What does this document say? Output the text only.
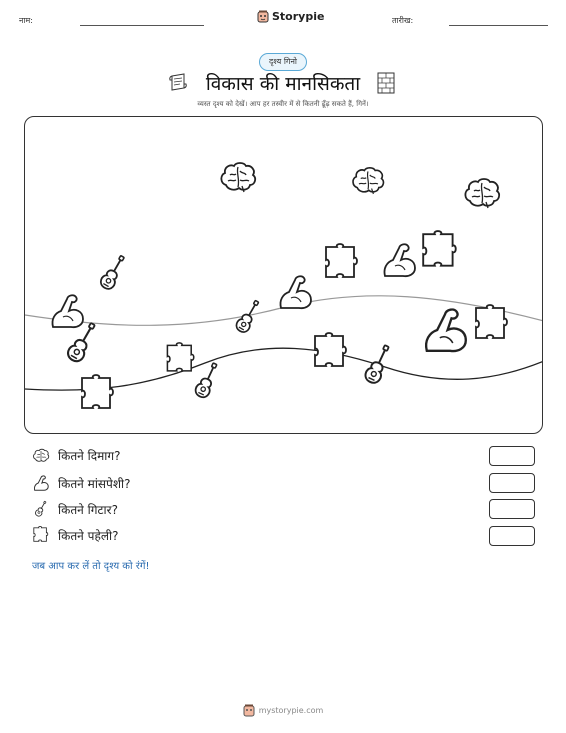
नाम:	Storypie	तारीख:
दृश्य गिनो
विकास की मानसिकता
व्यस्त दृश्य को देखें। आप हर तस्वीर में से कितनी ढूँढ़ सकते हैं, गिनें।
कितने दिमाग?
कितने मांसपेशी?
कितने गिटार?
कितने पहेली?
जब आप कर लें तो दृश्य को रंगें!
mystorypie.com
